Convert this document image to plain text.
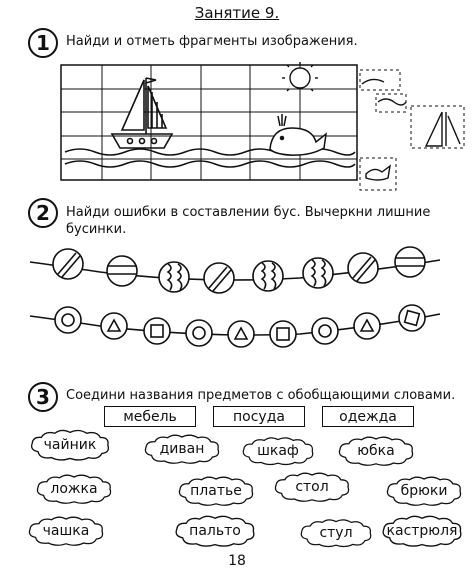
Занятие 9.
1	Найди и отметь фрагменты изображения.
2	Найди ошибки в составлении бус. Вычеркни лишние
бусинки.
3	Соедини названия предметов с обобщающими словами.
мебель	посуда	одежда
чайник	диван	шкаф	юбка
ложка	платье	стол	брюки
чашка	пальто	стул кастрюля
18
